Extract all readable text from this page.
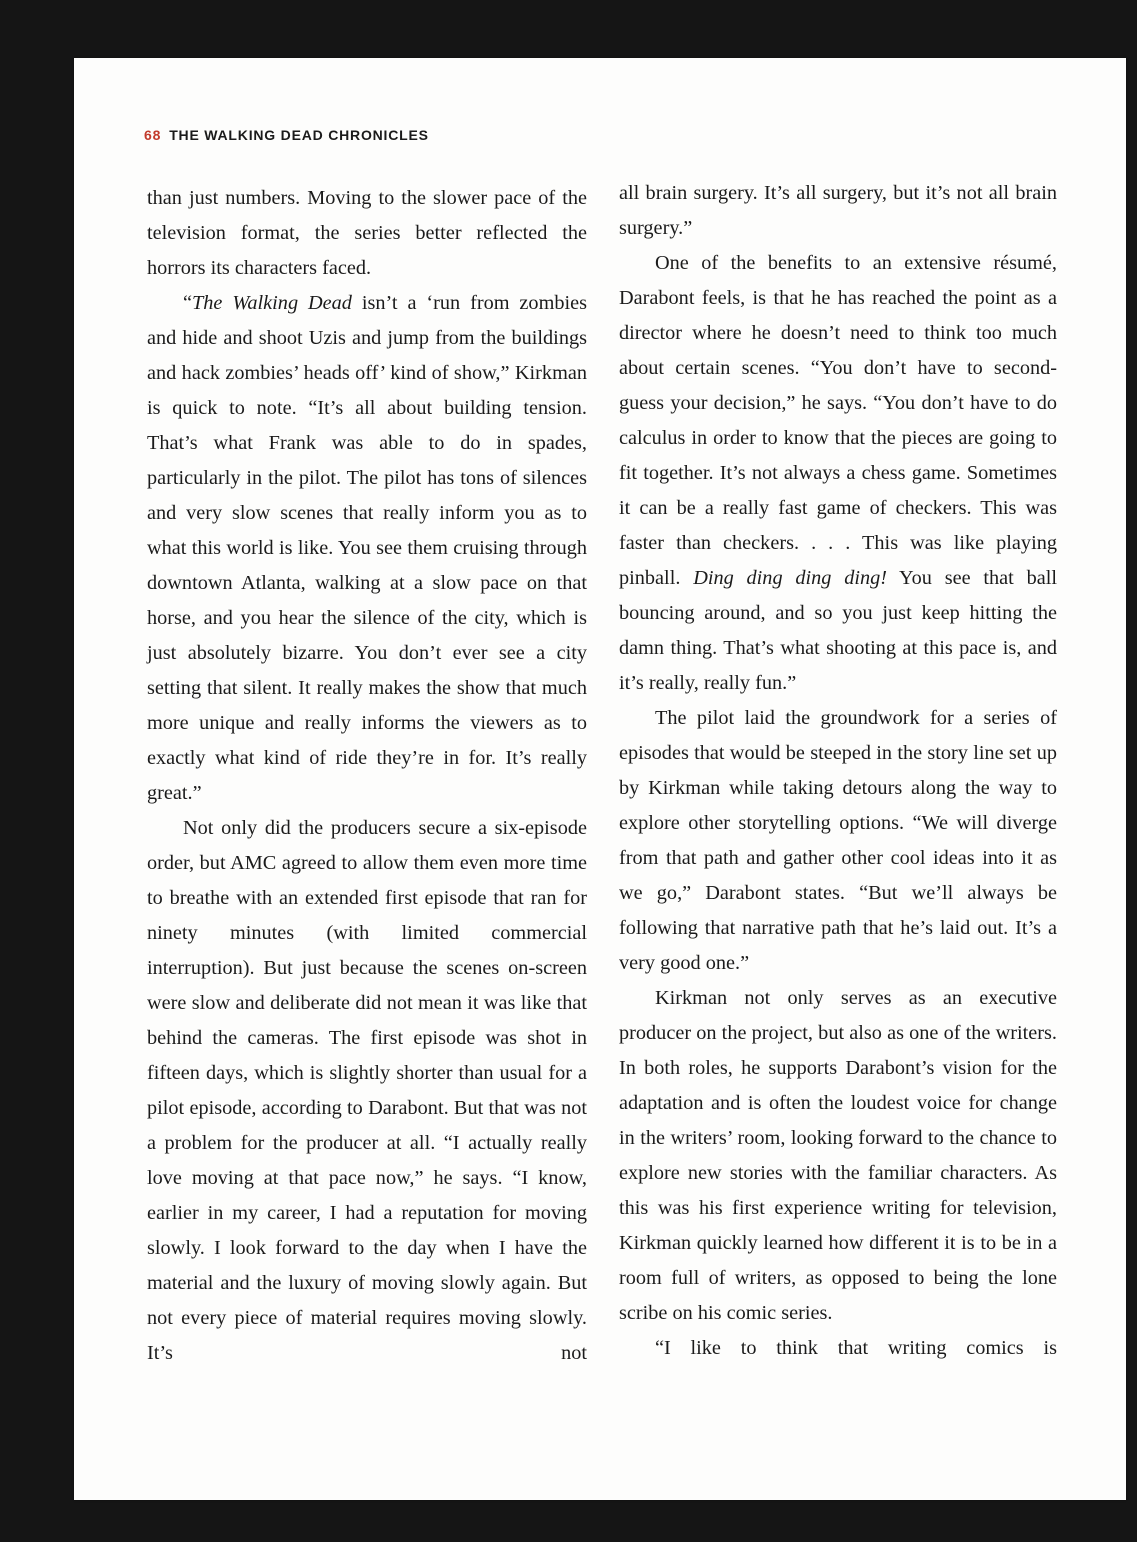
68 THE WALKING DEAD CHRONICLES

than just numbers. Moving to the slower pace of the television format, the series better reflected the horrors its characters faced.

“The Walking Dead isn’t a ‘run from zombies and hide and shoot Uzis and jump from the buildings and hack zombies’ heads off’ kind of show,” Kirkman is quick to note. “It’s all about building tension. That’s what Frank was able to do in spades, particularly in the pilot. The pilot has tons of silences and very slow scenes that really inform you as to what this world is like. You see them cruising through downtown Atlanta, walking at a slow pace on that horse, and you hear the silence of the city, which is just absolutely bizarre. You don’t ever see a city setting that silent. It really makes the show that much more unique and really informs the viewers as to exactly what kind of ride they’re in for. It’s really great.”

Not only did the producers secure a six-episode order, but AMC agreed to allow them even more time to breathe with an extended first episode that ran for ninety minutes (with limited commercial interruption). But just because the scenes on-screen were slow and deliberate did not mean it was like that behind the cameras. The first episode was shot in fifteen days, which is slightly shorter than usual for a pilot episode, according to Darabont. But that was not a problem for the producer at all. “I actually really love moving at that pace now,” he says. “I know, earlier in my career, I had a reputation for moving slowly. I look forward to the day when I have the material and the luxury of moving slowly again. But not every piece of material requires moving slowly. It’s not

all brain surgery. It’s all surgery, but it’s not all brain surgery.”

One of the benefits to an extensive résumé, Darabont feels, is that he has reached the point as a director where he doesn’t need to think too much about certain scenes. “You don’t have to second-guess your decision,” he says. “You don’t have to do calculus in order to know that the pieces are going to fit together. It’s not always a chess game. Sometimes it can be a really fast game of checkers. This was faster than checkers. . . . This was like playing pinball. Ding ding ding ding! You see that ball bouncing around, and so you just keep hitting the damn thing. That’s what shooting at this pace is, and it’s really, really fun.”

The pilot laid the groundwork for a series of episodes that would be steeped in the story line set up by Kirkman while taking detours along the way to explore other storytelling options. “We will diverge from that path and gather other cool ideas into it as we go,” Darabont states. “But we’ll always be following that narrative path that he’s laid out. It’s a very good one.”

Kirkman not only serves as an executive producer on the project, but also as one of the writers. In both roles, he supports Darabont’s vision for the adaptation and is often the loudest voice for change in the writers’ room, looking forward to the chance to explore new stories with the familiar characters. As this was his first experience writing for television, Kirkman quickly learned how different it is to be in a room full of writers, as opposed to being the lone scribe on his comic series.

“I like to think that writing comics is
